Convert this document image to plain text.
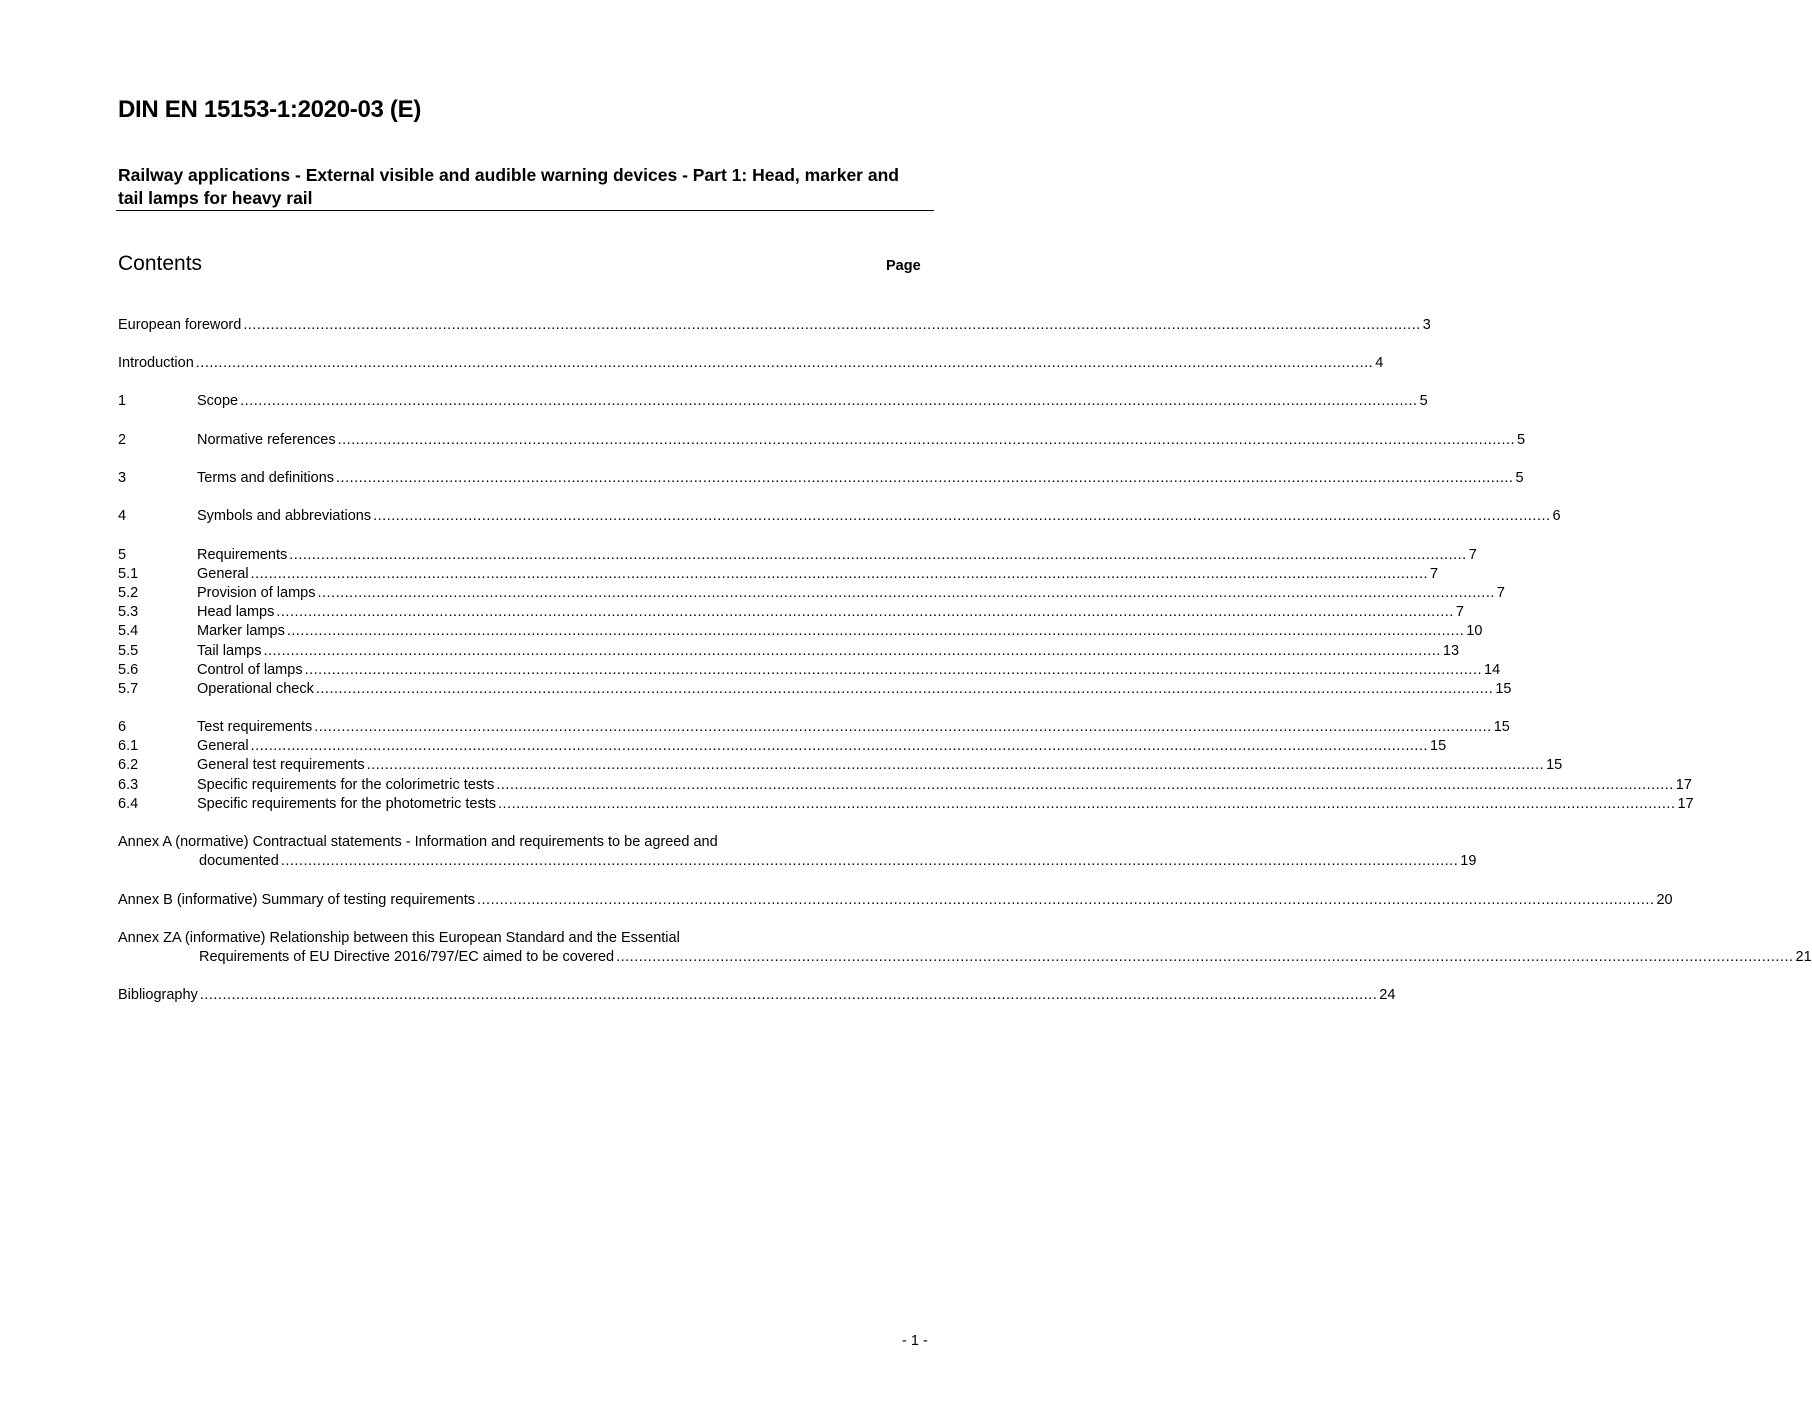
DIN EN 15153-1:2020-03 (E)
Railway applications - External visible and audible warning devices - Part 1: Head, marker and tail lamps for heavy rail
Contents	Page
European foreword .................................................................................................................................................................................................................................................................... 3
Introduction .................................................................................................................................................................................................................................................................... 4
1	Scope .................................................................................................................................................................................................................................................................... 5
2	Normative references .................................................................................................................................................................................................................................................................... 5
3	Terms and definitions .................................................................................................................................................................................................................................................................... 5
4	Symbols and abbreviations .................................................................................................................................................................................................................................................................... 6
5	Requirements .................................................................................................................................................................................................................................................................... 7
5.1	General .................................................................................................................................................................................................................................................................... 7
5.2	Provision of lamps .................................................................................................................................................................................................................................................................... 7
5.3	Head lamps .................................................................................................................................................................................................................................................................... 7
5.4	Marker lamps .................................................................................................................................................................................................................................................................... 10
5.5	Tail lamps .................................................................................................................................................................................................................................................................... 13
5.6	Control of lamps .................................................................................................................................................................................................................................................................... 14
5.7	Operational check .................................................................................................................................................................................................................................................................... 15
6	Test requirements .................................................................................................................................................................................................................................................................... 15
6.1	General .................................................................................................................................................................................................................................................................... 15
6.2	General test requirements .................................................................................................................................................................................................................................................................... 15
6.3	Specific requirements for the colorimetric tests .................................................................................................................................................................................................................................................................... 17
6.4	Specific requirements for the photometric tests .................................................................................................................................................................................................................................................................... 17
Annex A (normative) Contractual statements - Information and requirements to be agreed and
documented .................................................................................................................................................................................................................................................................... 19
Annex B (informative) Summary of testing requirements .................................................................................................................................................................................................................................................................... 20
Annex ZA (informative) Relationship between this European Standard and the Essential
Requirements of EU Directive 2016/797/EC aimed to be covered .................................................................................................................................................................................................................................................................... 21
Bibliography .................................................................................................................................................................................................................................................................... 24
- 1 -
